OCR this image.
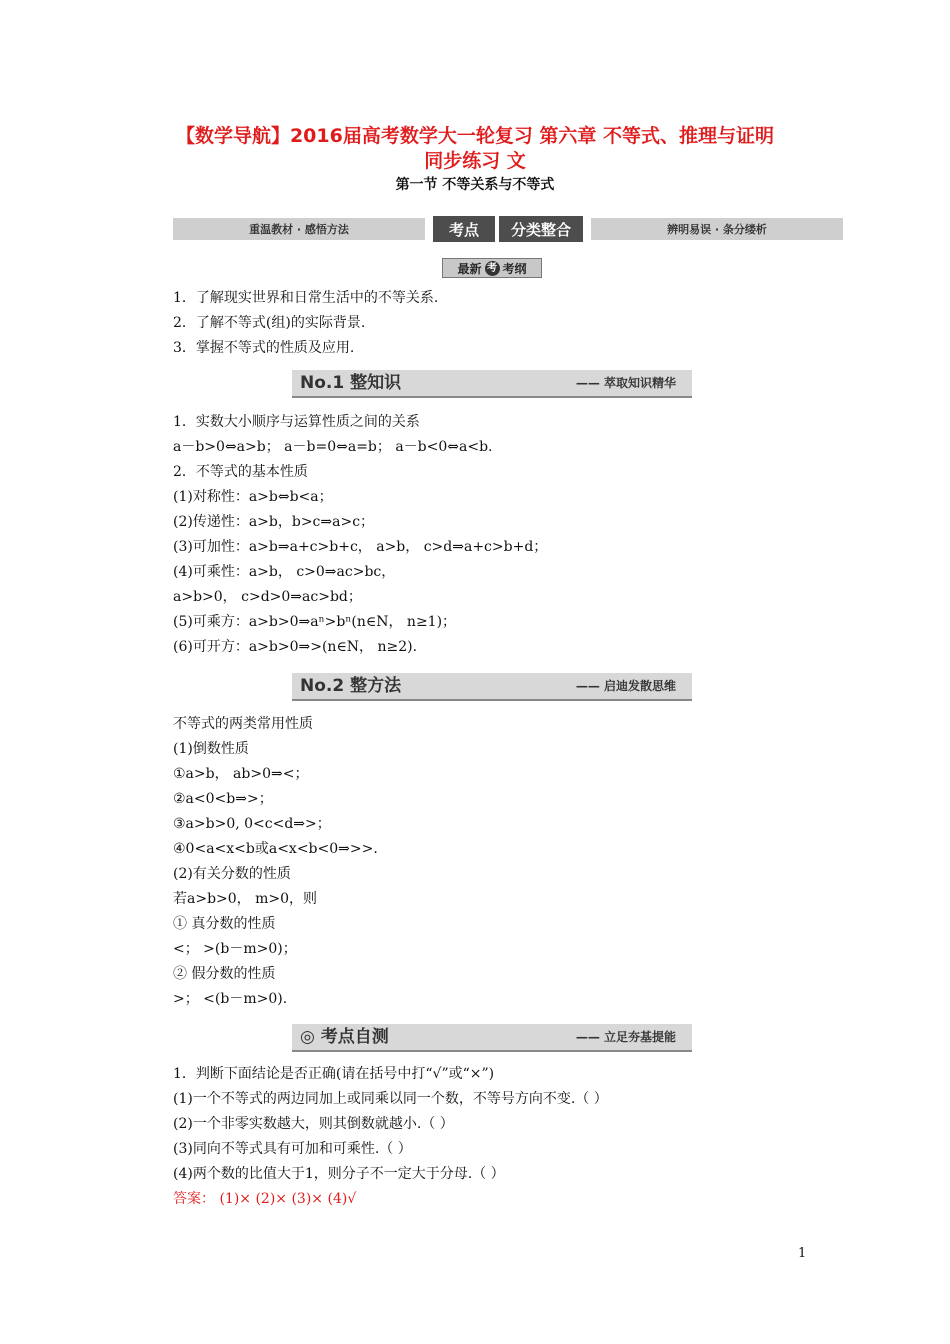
【数学导航】2016届高考数学大一轮复习 第六章 不等式、推理与证明
同步练习 文
第一节 不等关系与不等式
重温教材 · 感悟方法	考点	分类整合	辨明易误 · 条分缕析
最新 考 考纲
1．了解现实世界和日常生活中的不等关系.
2．了解不等式(组)的实际背景.
3．掌握不等式的性质及应用.
No.1 整知识	—— 萃取知识精华
1．实数大小顺序与运算性质之间的关系
a－b>0⇔a>b； a－b=0⇔a=b； a－b<0⇔a<b.
2．不等式的基本性质
(1)对称性：a>b⇔b<a；
(2)传递性：a>b，b>c⇒a>c；
(3)可加性：a>b⇒a+c>b+c， a>b， c>d⇒a+c>b+d；
(4)可乘性：a>b， c>0⇒ac>bc，
a>b>0， c>d>0⇒ac>bd；
(5)可乘方：a>b>0⇒aⁿ>bⁿ(n∈N， n≥1)；
(6)可开方：a>b>0⇒>(n∈N， n≥2).
No.2 整方法	—— 启迪发散思维
不等式的两类常用性质
(1)倒数性质
①a>b， ab>0⇒<；
②a<0<b⇒>；
③a>b>0, 0<c<d⇒>；
④0<a<x<b或a<x<b<0⇒>>.
(2)有关分数的性质
若a>b>0， m>0，则
① 真分数的性质
<； >(b－m>0)；
② 假分数的性质
>； <(b－m>0).
◎ 考点自测	—— 立足夯基提能
1．判断下面结论是否正确(请在括号中打“√”或“×”)
(1)一个不等式的两边同加上或同乘以同一个数，不等号方向不变.（ ）
(2)一个非零实数越大，则其倒数就越小.（ ）
(3)同向不等式具有可加和可乘性.（ ）
(4)两个数的比值大于1，则分子不一定大于分母.（ ）
答案： (1)× (2)× (3)× (4)√
1
